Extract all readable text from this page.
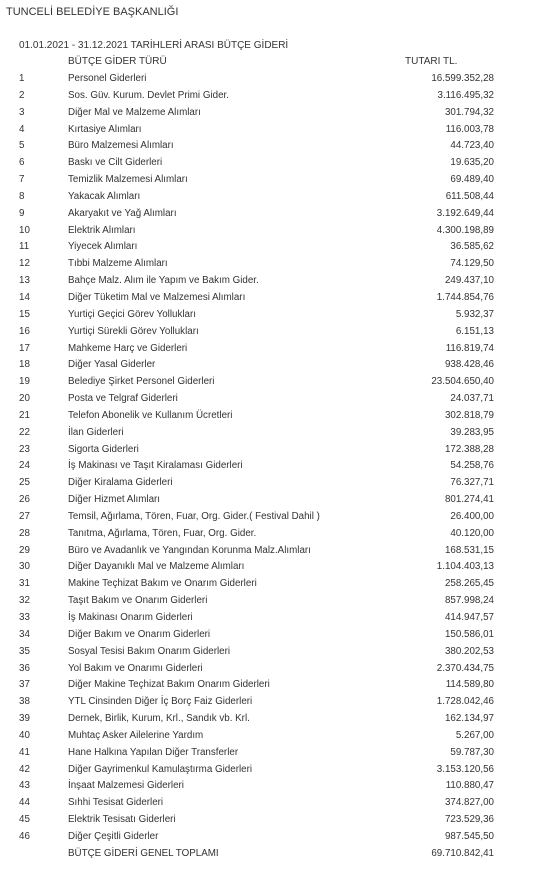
TUNCELİ BELEDİYE BAŞKANLIĞI
01.01.2021 - 31.12.2021 TARİHLERİ ARASI BÜTÇE GİDERİ
BÜTÇE GİDER TÜRÜ	TUTARI TL.
1	Personel Giderleri	16.599.352,28
2	Sos. Güv. Kurum. Devlet Primi Gider.	3.116.495,32
3	Diğer Mal ve Malzeme Alımları	301.794,32
4	Kırtasiye Alımları	116.003,78
5	Büro Malzemesi Alımları	44.723,40
6	Baskı ve Cilt Giderleri	19.635,20
7	Temizlik Malzemesi Alımları	69.489,40
8	Yakacak Alımları	611.508,44
9	Akaryakıt ve Yağ Alımları	3.192.649,44
10	Elektrik Alımları	4.300.198,89
11	Yiyecek Alımları	36.585,62
12	Tıbbi Malzeme Alımları	74.129,50
13	Bahçe Malz. Alım ile Yapım ve Bakım Gider.	249.437,10
14	Diğer Tüketim Mal ve Malzemesi Alımları	1.744.854,76
15	Yurtiçi Geçici Görev Yollukları	5.932,37
16	Yurtiçi Sürekli Görev Yollukları	6.151,13
17	Mahkeme Harç ve Giderleri	116.819,74
18	Diğer Yasal Giderler	938.428,46
19	Belediye Şirket Personel Giderleri	23.504.650,40
20	Posta ve Telgraf Giderleri	24.037,71
21	Telefon Abonelik ve Kullanım Ücretleri	302.818,79
22	İlan Giderleri	39.283,95
23	Sigorta Giderleri	172.388,28
24	İş Makinası ve Taşıt Kiralaması Giderleri	54.258,76
25	Diğer Kiralama Giderleri	76.327,71
26	Diğer Hizmet Alımları	801.274,41
27	Temsil, Ağırlama, Tören, Fuar, Org. Gider.( Festival Dahil )	26.400,00
28	Tanıtma, Ağırlama, Tören, Fuar, Org. Gider.	40.120,00
29	Büro ve Avadanlık ve Yangından Korunma Malz.Alımları	168.531,15
30	Diğer Dayanıklı Mal ve Malzeme Alımları	1.104.403,13
31	Makine Teçhizat Bakım ve Onarım Giderleri	258.265,45
32	Taşıt Bakım ve Onarım Giderleri	857.998,24
33	İş Makinası Onarım Giderleri	414.947,57
34	Diğer Bakım ve Onarım Giderleri	150.586,01
35	Sosyal Tesisi Bakım Onarım Giderleri	380.202,53
36	Yol Bakım ve Onarımı Giderleri	2.370.434,75
37	Diğer Makine Teçhizat Bakım Onarım Giderleri	114.589,80
38	YTL Cinsinden Diğer İç Borç Faiz Giderleri	1.728.042,46
39	Dernek, Birlik, Kurum, Krl., Sandık vb. Krl.	162.134,97
40	Muhtaç Asker Ailelerine Yardım	5.267,00
41	Hane Halkına Yapılan Diğer Transferler	59.787,30
42	Diğer Gayrimenkul Kamulaştırma Giderleri	3.153.120,56
43	İnşaat Malzemesi Giderleri	110.880,47
44	Sıhhi Tesisat Giderleri	374.827,00
45	Elektrik Tesisatı Giderleri	723.529,36
46	Diğer Çeşitli Giderler	987.545,50
BÜTÇE GİDERİ GENEL TOPLAMI	69.710.842,41
